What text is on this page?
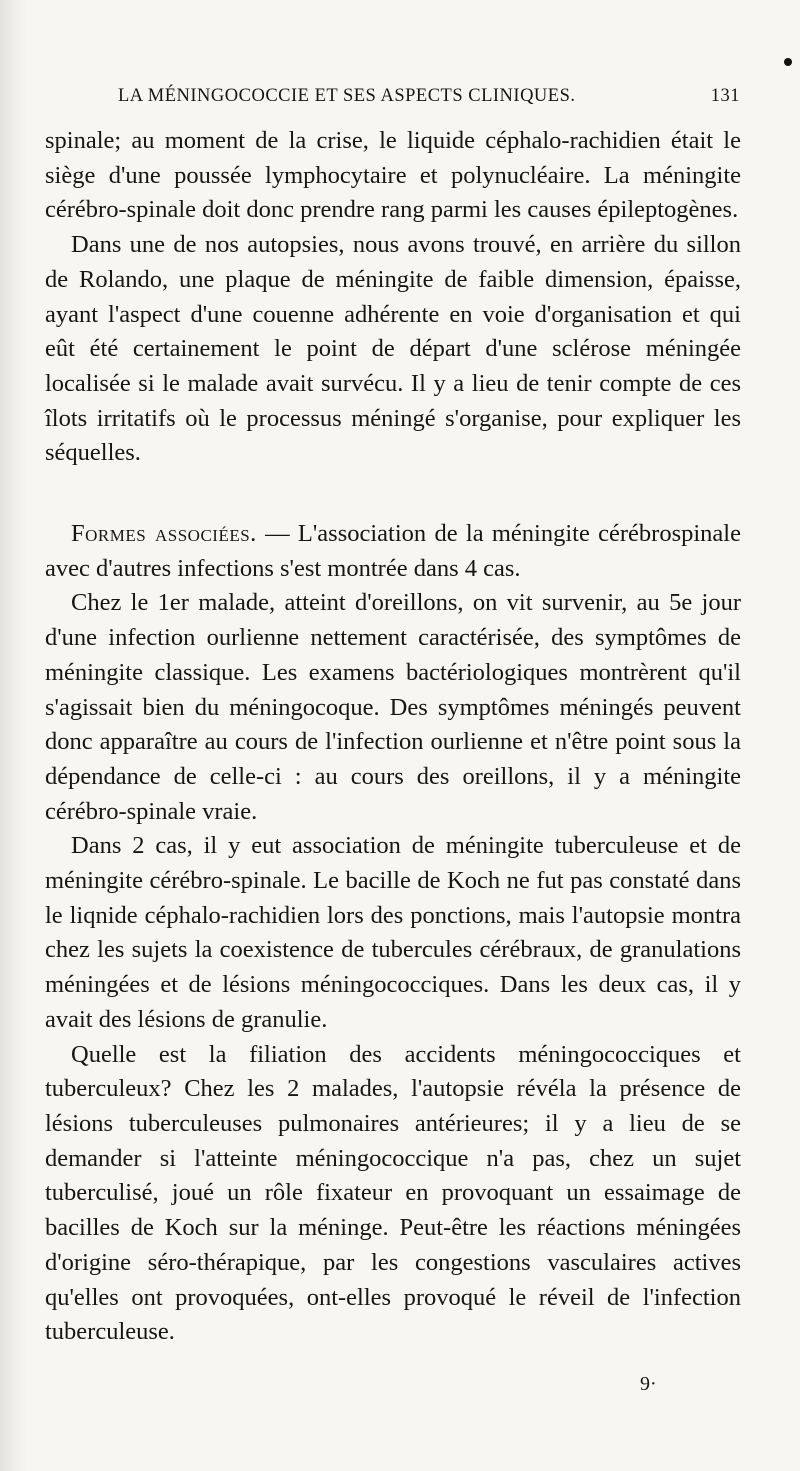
LA MÉNINGOCOCCIE ET SES ASPECTS CLINIQUES.	131

spinale; au moment de la crise, le liquide céphalo-rachidien était le siège d'une poussée lymphocytaire et polynucléaire. La méningite cérébro-spinale doit donc prendre rang parmi les causes épileptogènes.

Dans une de nos autopsies, nous avons trouvé, en arrière du sillon de Rolando, une plaque de méningite de faible dimension, épaisse, ayant l'aspect d'une couenne adhérente en voie d'organisation et qui eût été certainement le point de départ d'une sclérose méningée localisée si le malade avait survécu. Il y a lieu de tenir compte de ces îlots irritatifs où le processus méningé s'organise, pour expliquer les séquelles.

Formes associées. — L'association de la méningite cérébrospinale avec d'autres infections s'est montrée dans 4 cas.

Chez le 1er malade, atteint d'oreillons, on vit survenir, au 5e jour d'une infection ourlienne nettement caractérisée, des symptômes de méningite classique. Les examens bactériologiques montrèrent qu'il s'agissait bien du méningocoque. Des symptômes méningés peuvent donc apparaître au cours de l'infection ourlienne et n'être point sous la dépendance de celle-ci : au cours des oreillons, il y a méningite cérébro-spinale vraie.

Dans 2 cas, il y eut association de méningite tuberculeuse et de méningite cérébro-spinale. Le bacille de Koch ne fut pas constaté dans le liqnide céphalo-rachidien lors des ponctions, mais l'autopsie montra chez les sujets la coexistence de tubercules cérébraux, de granulations méningées et de lésions méningococciques. Dans les deux cas, il y avait des lésions de granulie.

Quelle est la filiation des accidents méningococciques et tuberculeux? Chez les 2 malades, l'autopsie révéla la présence de lésions tuberculeuses pulmonaires antérieures; il y a lieu de se demander si l'atteinte méningococcique n'a pas, chez un sujet tuberculisé, joué un rôle fixateur en provoquant un essaimage de bacilles de Koch sur la méninge. Peut-être les réactions méningées d'origine séro-thérapique, par les congestions vasculaires actives qu'elles ont provoquées, ont-elles provoqué le réveil de l'infection tuberculeuse.

9·
